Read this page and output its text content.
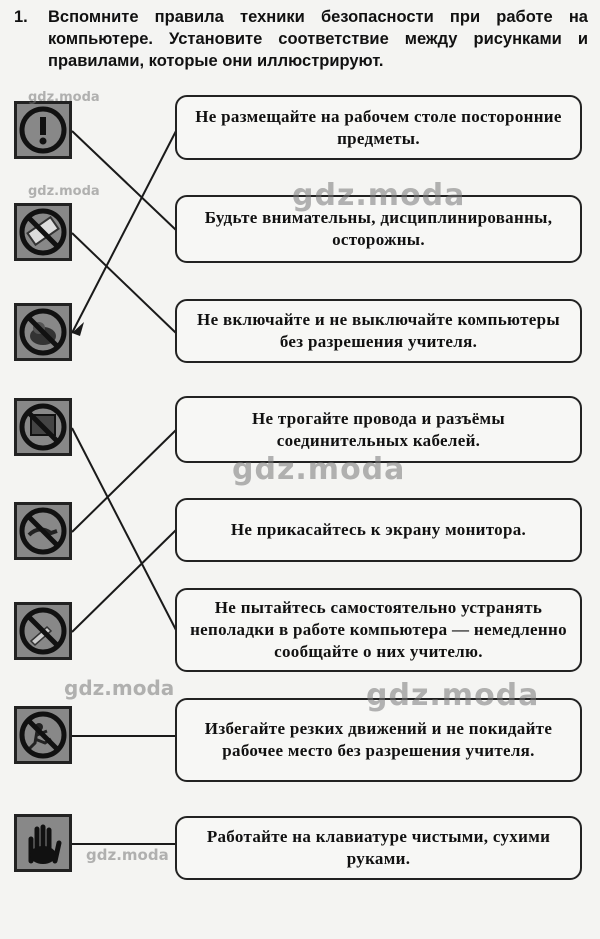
1. Вспомните правила техники безопасности при работе на компьютере. Установите соответствие между рисунками и правилами, которые они иллюстрируют.
Не размещайте на рабочем столе посторонние предметы.
Будьте внимательны, дисциплинированны, осторожны.
Не включайте и не выключайте компьютеры без разрешения учителя.
Не трогайте провода и разъёмы соединительных кабелей.
Не прикасайтесь к экрану монитора.
Не пытайтесь самостоятельно устранять неполадки в работе компьютера — немедленно сообщайте о них учителю.
Избегайте резких движений и не покидайте рабочее место без разрешения учителя.
Работайте на клавиатуре чистыми, сухими руками.
gdz.moda
gdz.moda	gdz.moda
gdz.moda
gdz.moda	gdz.moda
gdz.moda
